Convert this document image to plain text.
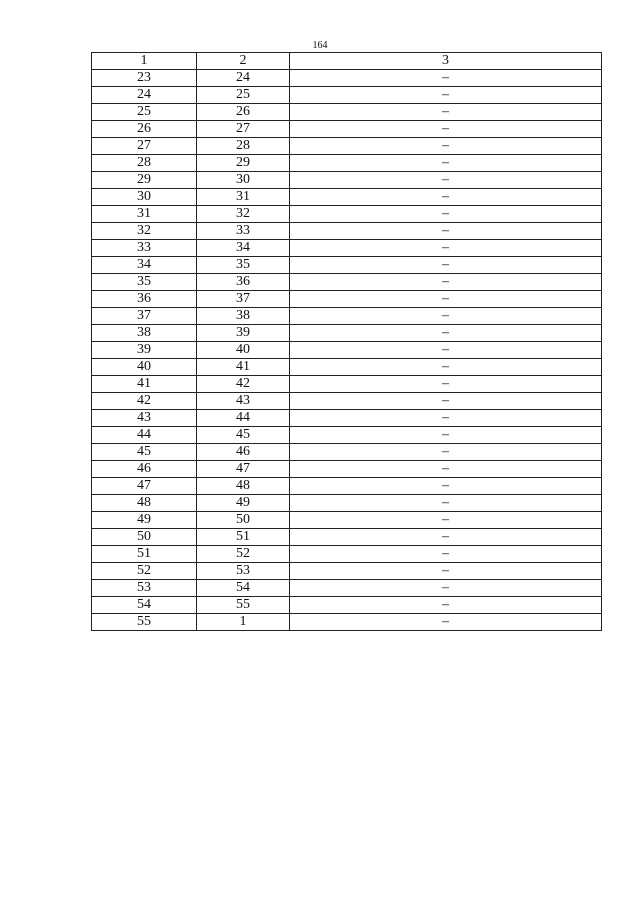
164
1	2	3
23	24	–
24	25	–
25	26	–
26	27	–
27	28	–
28	29	–
29	30	–
30	31	–
31	32	–
32	33	–
33	34	–
34	35	–
35	36	–
36	37	–
37	38	–
38	39	–
39	40	–
40	41	–
41	42	–
42	43	–
43	44	–
44	45	–
45	46	–
46	47	–
47	48	–
48	49	–
49	50	–
50	51	–
51	52	–
52	53	–
53	54	–
54	55	–
55	1	–
